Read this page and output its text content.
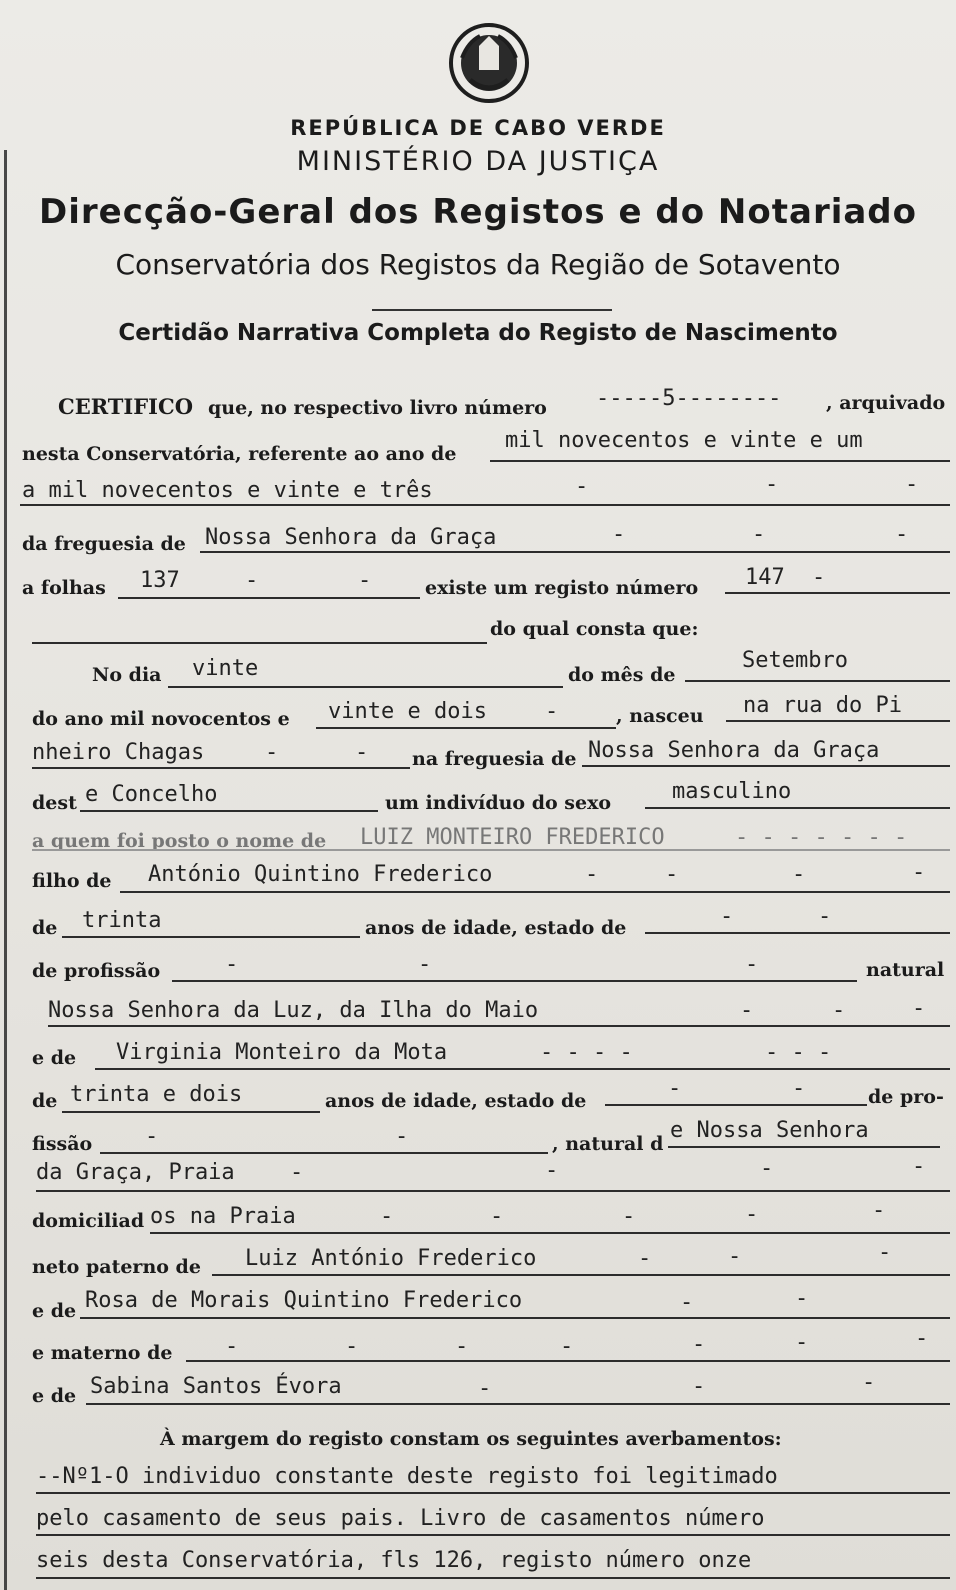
REPÚBLICA DE CABO VERDE
MINISTÉRIO DA JUSTIÇA
Direcção-Geral dos Registos e do Notariado
Conservatória dos Registos da Região de Sotavento
Certidão Narrativa Completa do Registo de Nascimento
CERTIFICO que, no respectivo livro número -----5-------- , arquivado
nesta Conservatória, referente ao ano de
mil novecentos e vinte e um
a mil novecentos e vinte e três	-	-	-
da freguesia de Nossa Senhora da Graça	-	-	-
a folhas 137	-	-	existe um registo número 147 -
do qual consta que:
No dia vinte	do mês de
Setembro
do ano mil novocentos e vinte e dois	-	, nasceu na rua do Pi
nheiro Chagas	-	- na freguesia de Nossa Senhora da Graça
dest e Concelho	um indivíduo do sexo	masculino
a quem foi posto o nome de LUIZ MONTEIRO FREDERICO	- - - - - - -
filho de António Quintino Frederico	-	-	-	-
de trinta	anos de idade, estado de	-	-
de profissão	-	-	-	natural
Nossa Senhora da Luz, da Ilha do Maio	-	-	-
e de Virginia Monteiro da Mota	- - - -	- - -
de trinta e dois	anos de idade, estado de	-	-	de pro-
fissão -	-	, natural d
e Nossa Senhora
da Graça, Praia	-	-	-	-
domiciliad os na Praia	-	-	-	-	-
neto paterno de Luiz António Frederico	-	-	-
e de Rosa de Morais Quintino Frederico	-	-
e materno de -	-	-	-	-	-	-
e de Sabina Santos Évora	-	-	-
À margem do registo constam os seguintes averbamentos:
--Nº1-O individuo constante deste registo foi legitimado
pelo casamento de seus pais. Livro de casamentos número
seis desta Conservatória, fls 126, registo número onze
